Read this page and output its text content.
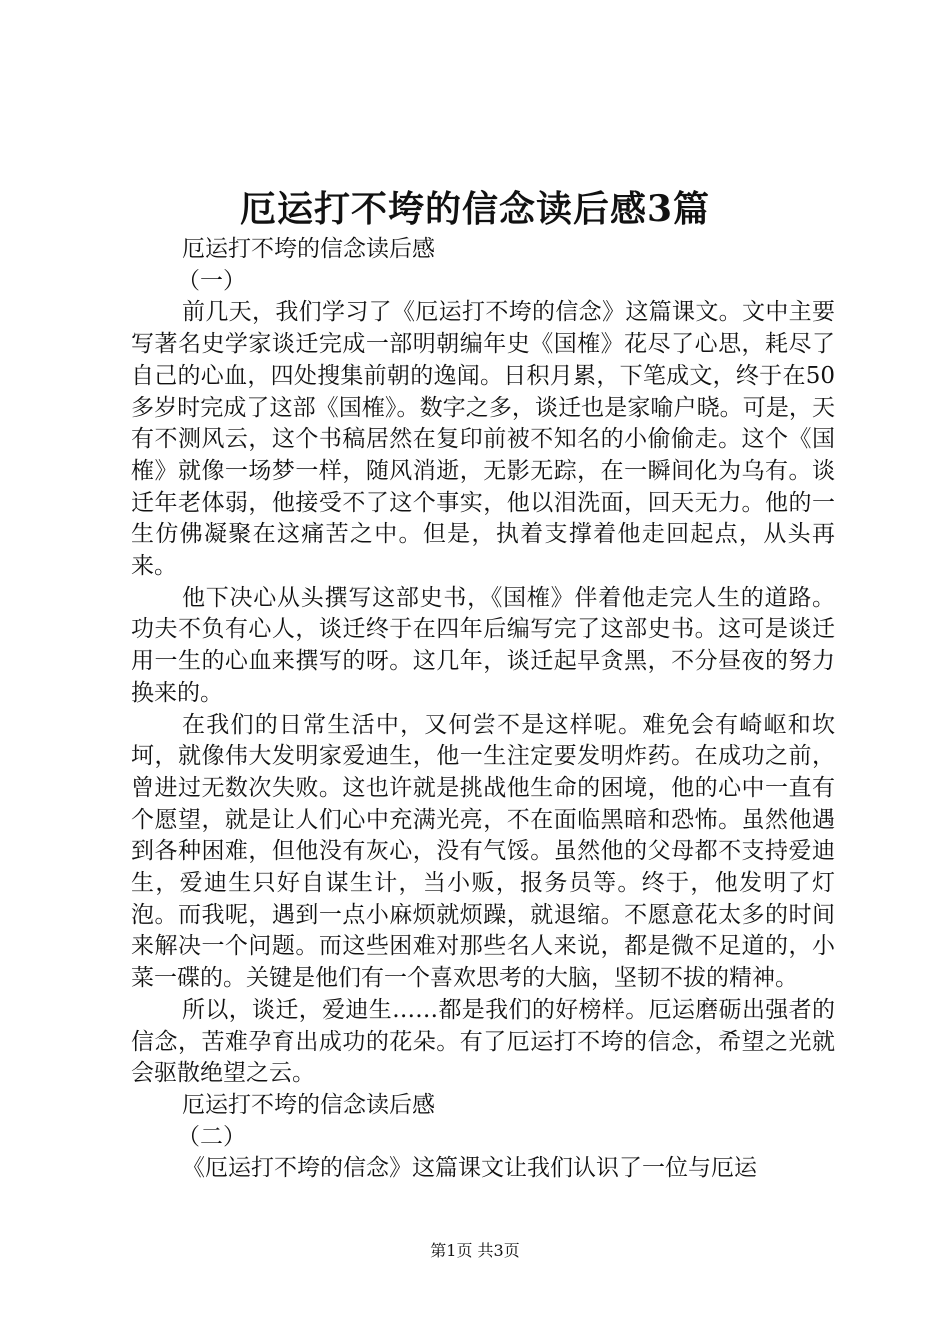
厄运打不垮的信念读后感3篇

厄运打不垮的信念读后感

（一）

前几天，我们学习了《厄运打不垮的信念》这篇课文。文中主要写著名史学家谈迁完成一部明朝编年史《国榷》花尽了心思，耗尽了自己的心血，四处搜集前朝的逸闻。日积月累，下笔成文，终于在50多岁时完成了这部《国榷》。数字之多，谈迁也是家喻户晓。可是，天有不测风云，这个书稿居然在复印前被不知名的小偷偷走。这个《国榷》就像一场梦一样，随风消逝，无影无踪，在一瞬间化为乌有。谈迁年老体弱，他接受不了这个事实，他以泪洗面，回天无力。他的一生仿佛凝聚在这痛苦之中。但是，执着支撑着他走回起点，从头再来。

他下决心从头撰写这部史书，《国榷》伴着他走完人生的道路。功夫不负有心人，谈迁终于在四年后编写完了这部史书。这可是谈迁用一生的心血来撰写的呀。这几年，谈迁起早贪黑，不分昼夜的努力换来的。

在我们的日常生活中，又何尝不是这样呢。难免会有崎岖和坎坷，就像伟大发明家爱迪生，他一生注定要发明炸药。在成功之前，曾进过无数次失败。这也许就是挑战他生命的困境，他的心中一直有个愿望，就是让人们心中充满光亮，不在面临黑暗和恐怖。虽然他遇到各种困难，但他没有灰心，没有气馁。虽然他的父母都不支持爱迪生，爱迪生只好自谋生计，当小贩，报务员等。终于，他发明了灯泡。而我呢，遇到一点小麻烦就烦躁，就退缩。不愿意花太多的时间来解决一个问题。而这些困难对那些名人来说，都是微不足道的，小菜一碟的。关键是他们有一个喜欢思考的大脑，坚韧不拔的精神。

所以，谈迁，爱迪生……都是我们的好榜样。厄运磨砺出强者的信念，苦难孕育出成功的花朵。有了厄运打不垮的信念，希望之光就会驱散绝望之云。

厄运打不垮的信念读后感

（二）

《厄运打不垮的信念》这篇课文让我们认识了一位与厄运

第1页 共3页
